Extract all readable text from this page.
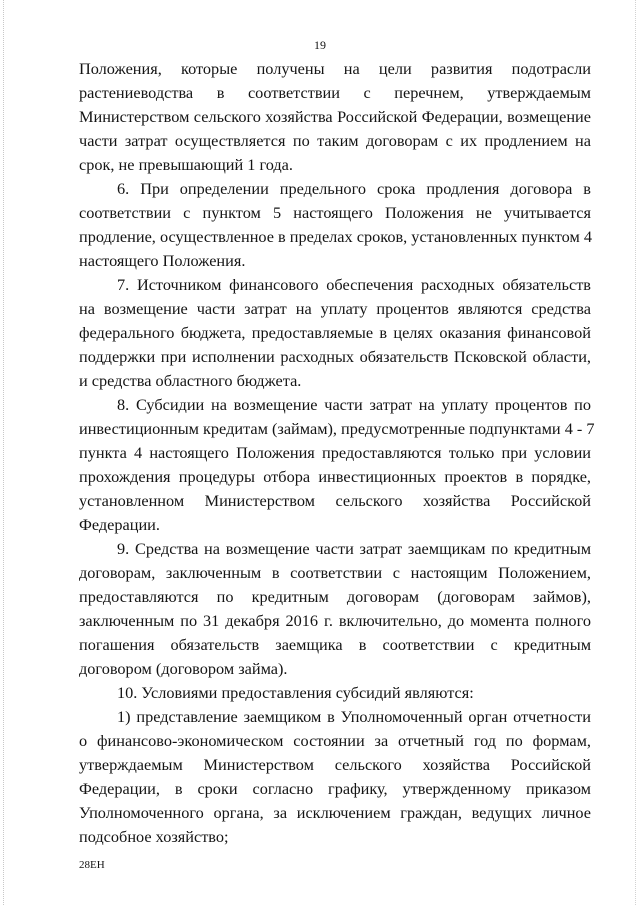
19
Положения, которые получены на цели развития подотрасли
растениеводства в соответствии с перечнем, утверждаемым
Министерством сельского хозяйства Российской Федерации, возмещение
части затрат осуществляется по таким договорам с их продлением на
срок, не превышающий 1 года.
6. При определении предельного срока продления договора в
соответствии с пунктом 5 настоящего Положения не учитывается
продление, осуществленное в пределах сроков, установленных пунктом 4
настоящего Положения.
7. Источником финансового обеспечения расходных обязательств
на возмещение части затрат на уплату процентов являются средства
федерального бюджета, предоставляемые в целях оказания финансовой
поддержки при исполнении расходных обязательств Псковской области,
и средства областного бюджета.
8. Субсидии на возмещение части затрат на уплату процентов по
инвестиционным кредитам (займам), предусмотренные подпунктами 4 - 7
пункта 4 настоящего Положения предоставляются только при условии
прохождения процедуры отбора инвестиционных проектов в порядке,
установленном Министерством сельского хозяйства Российской
Федерации.
9. Средства на возмещение части затрат заемщикам по кредитным
договорам, заключенным в соответствии с настоящим Положением,
предоставляются по кредитным договорам (договорам займов),
заключенным по 31 декабря 2016 г. включительно, до момента полного
погашения обязательств заемщика в соответствии с кредитным
договором (договором займа).
10. Условиями предоставления субсидий являются:
1) представление заемщиком в Уполномоченный орган отчетности
о финансово-экономическом состоянии за отчетный год по формам,
утверждаемым Министерством сельского хозяйства Российской
Федерации, в сроки согласно графику, утвержденному приказом
Уполномоченного органа, за исключением граждан, ведущих личное
подсобное хозяйство;
28ЕН
